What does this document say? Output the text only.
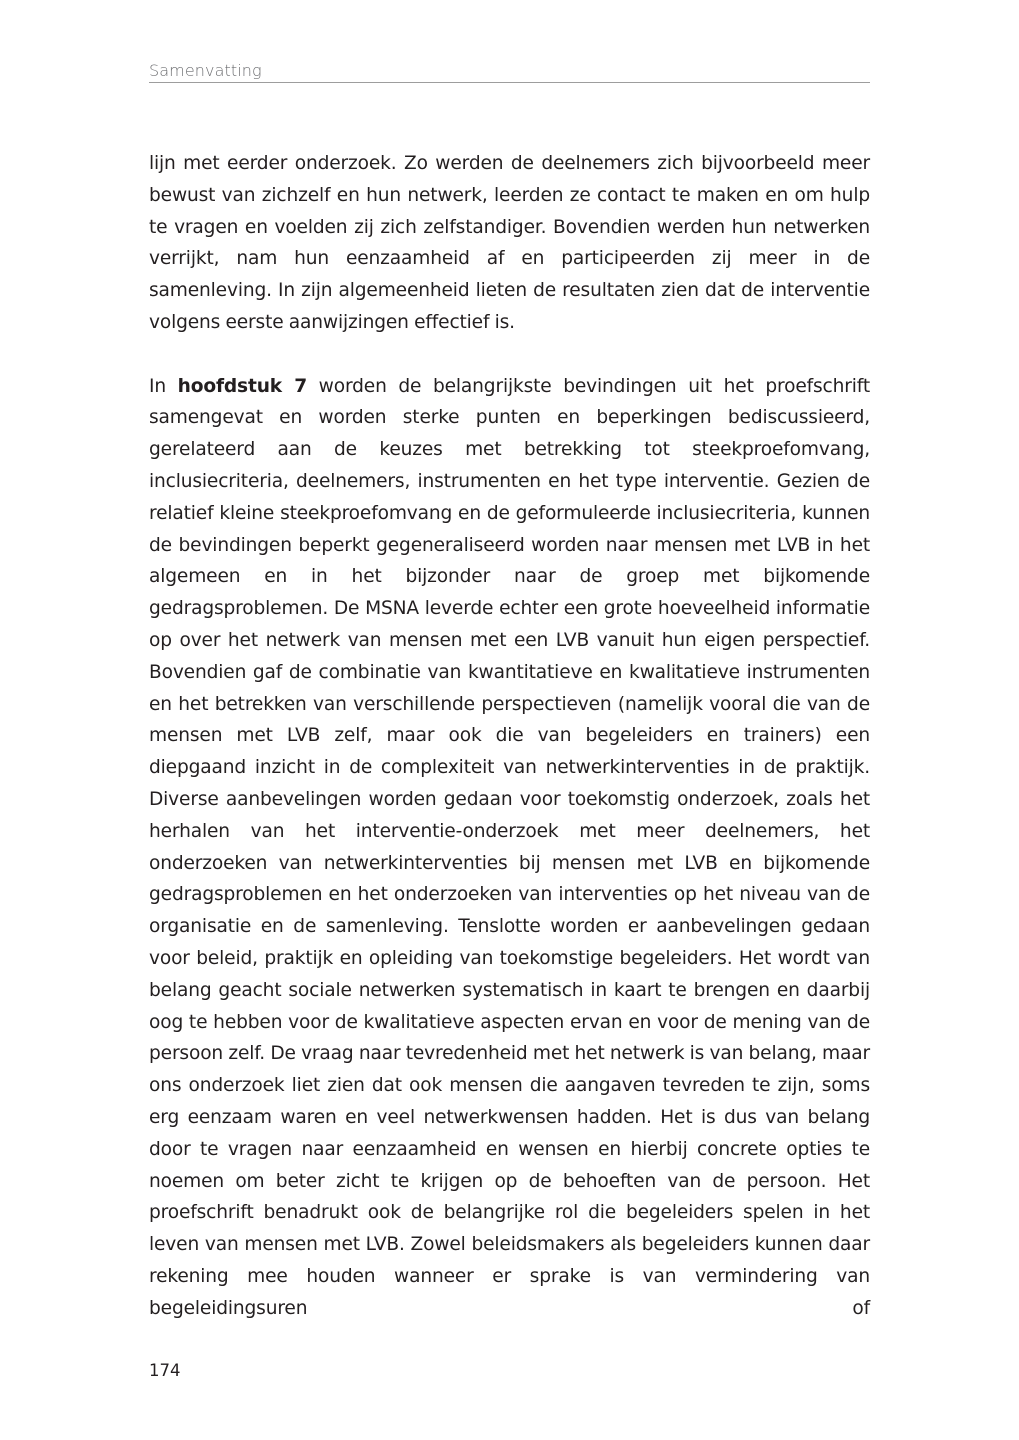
Samenvatting

lijn met eerder onderzoek. Zo werden de deelnemers zich bijvoorbeeld meer bewust van zichzelf en hun netwerk, leerden ze contact te maken en om hulp te vragen en voelden zij zich zelfstandiger. Bovendien werden hun netwerken verrijkt, nam hun eenzaamheid af en participeerden zij meer in de samenleving. In zijn algemeenheid lieten de resultaten zien dat de interventie volgens eerste aanwijzingen effectief is.

In hoofdstuk 7 worden de belangrijkste bevindingen uit het proefschrift samengevat en worden sterke punten en beperkingen bediscussieerd, gerelateerd aan de keuzes met betrekking tot steekproefomvang, inclusiecriteria, deelnemers, instrumenten en het type interventie. Gezien de relatief kleine steekproefomvang en de geformuleerde inclusiecriteria, kunnen de bevindingen beperkt gegeneraliseerd worden naar mensen met LVB in het algemeen en in het bijzonder naar de groep met bijkomende gedragsproblemen. De MSNA leverde echter een grote hoeveelheid informatie op over het netwerk van mensen met een LVB vanuit hun eigen perspectief. Bovendien gaf de combinatie van kwantitatieve en kwalitatieve instrumenten en het betrekken van verschillende perspectieven (namelijk vooral die van de mensen met LVB zelf, maar ook die van begeleiders en trainers) een diepgaand inzicht in de complexiteit van netwerkinterventies in de praktijk. Diverse aanbevelingen worden gedaan voor toekomstig onderzoek, zoals het herhalen van het interventie-onderzoek met meer deelnemers, het onderzoeken van netwerkinterventies bij mensen met LVB en bijkomende gedragsproblemen en het onderzoeken van interventies op het niveau van de organisatie en de samenleving. Tenslotte worden er aanbevelingen gedaan voor beleid, praktijk en opleiding van toekomstige begeleiders. Het wordt van belang geacht sociale netwerken systematisch in kaart te brengen en daarbij oog te hebben voor de kwalitatieve aspecten ervan en voor de mening van de persoon zelf. De vraag naar tevredenheid met het netwerk is van belang, maar ons onderzoek liet zien dat ook mensen die aangaven tevreden te zijn, soms erg eenzaam waren en veel netwerkwensen hadden. Het is dus van belang door te vragen naar eenzaamheid en wensen en hierbij concrete opties te noemen om beter zicht te krijgen op de behoeften van de persoon. Het proefschrift benadrukt ook de belangrijke rol die begeleiders spelen in het leven van mensen met LVB. Zowel beleidsmakers als begeleiders kunnen daar rekening mee houden wanneer er sprake is van vermindering van begeleidingsuren of

174
